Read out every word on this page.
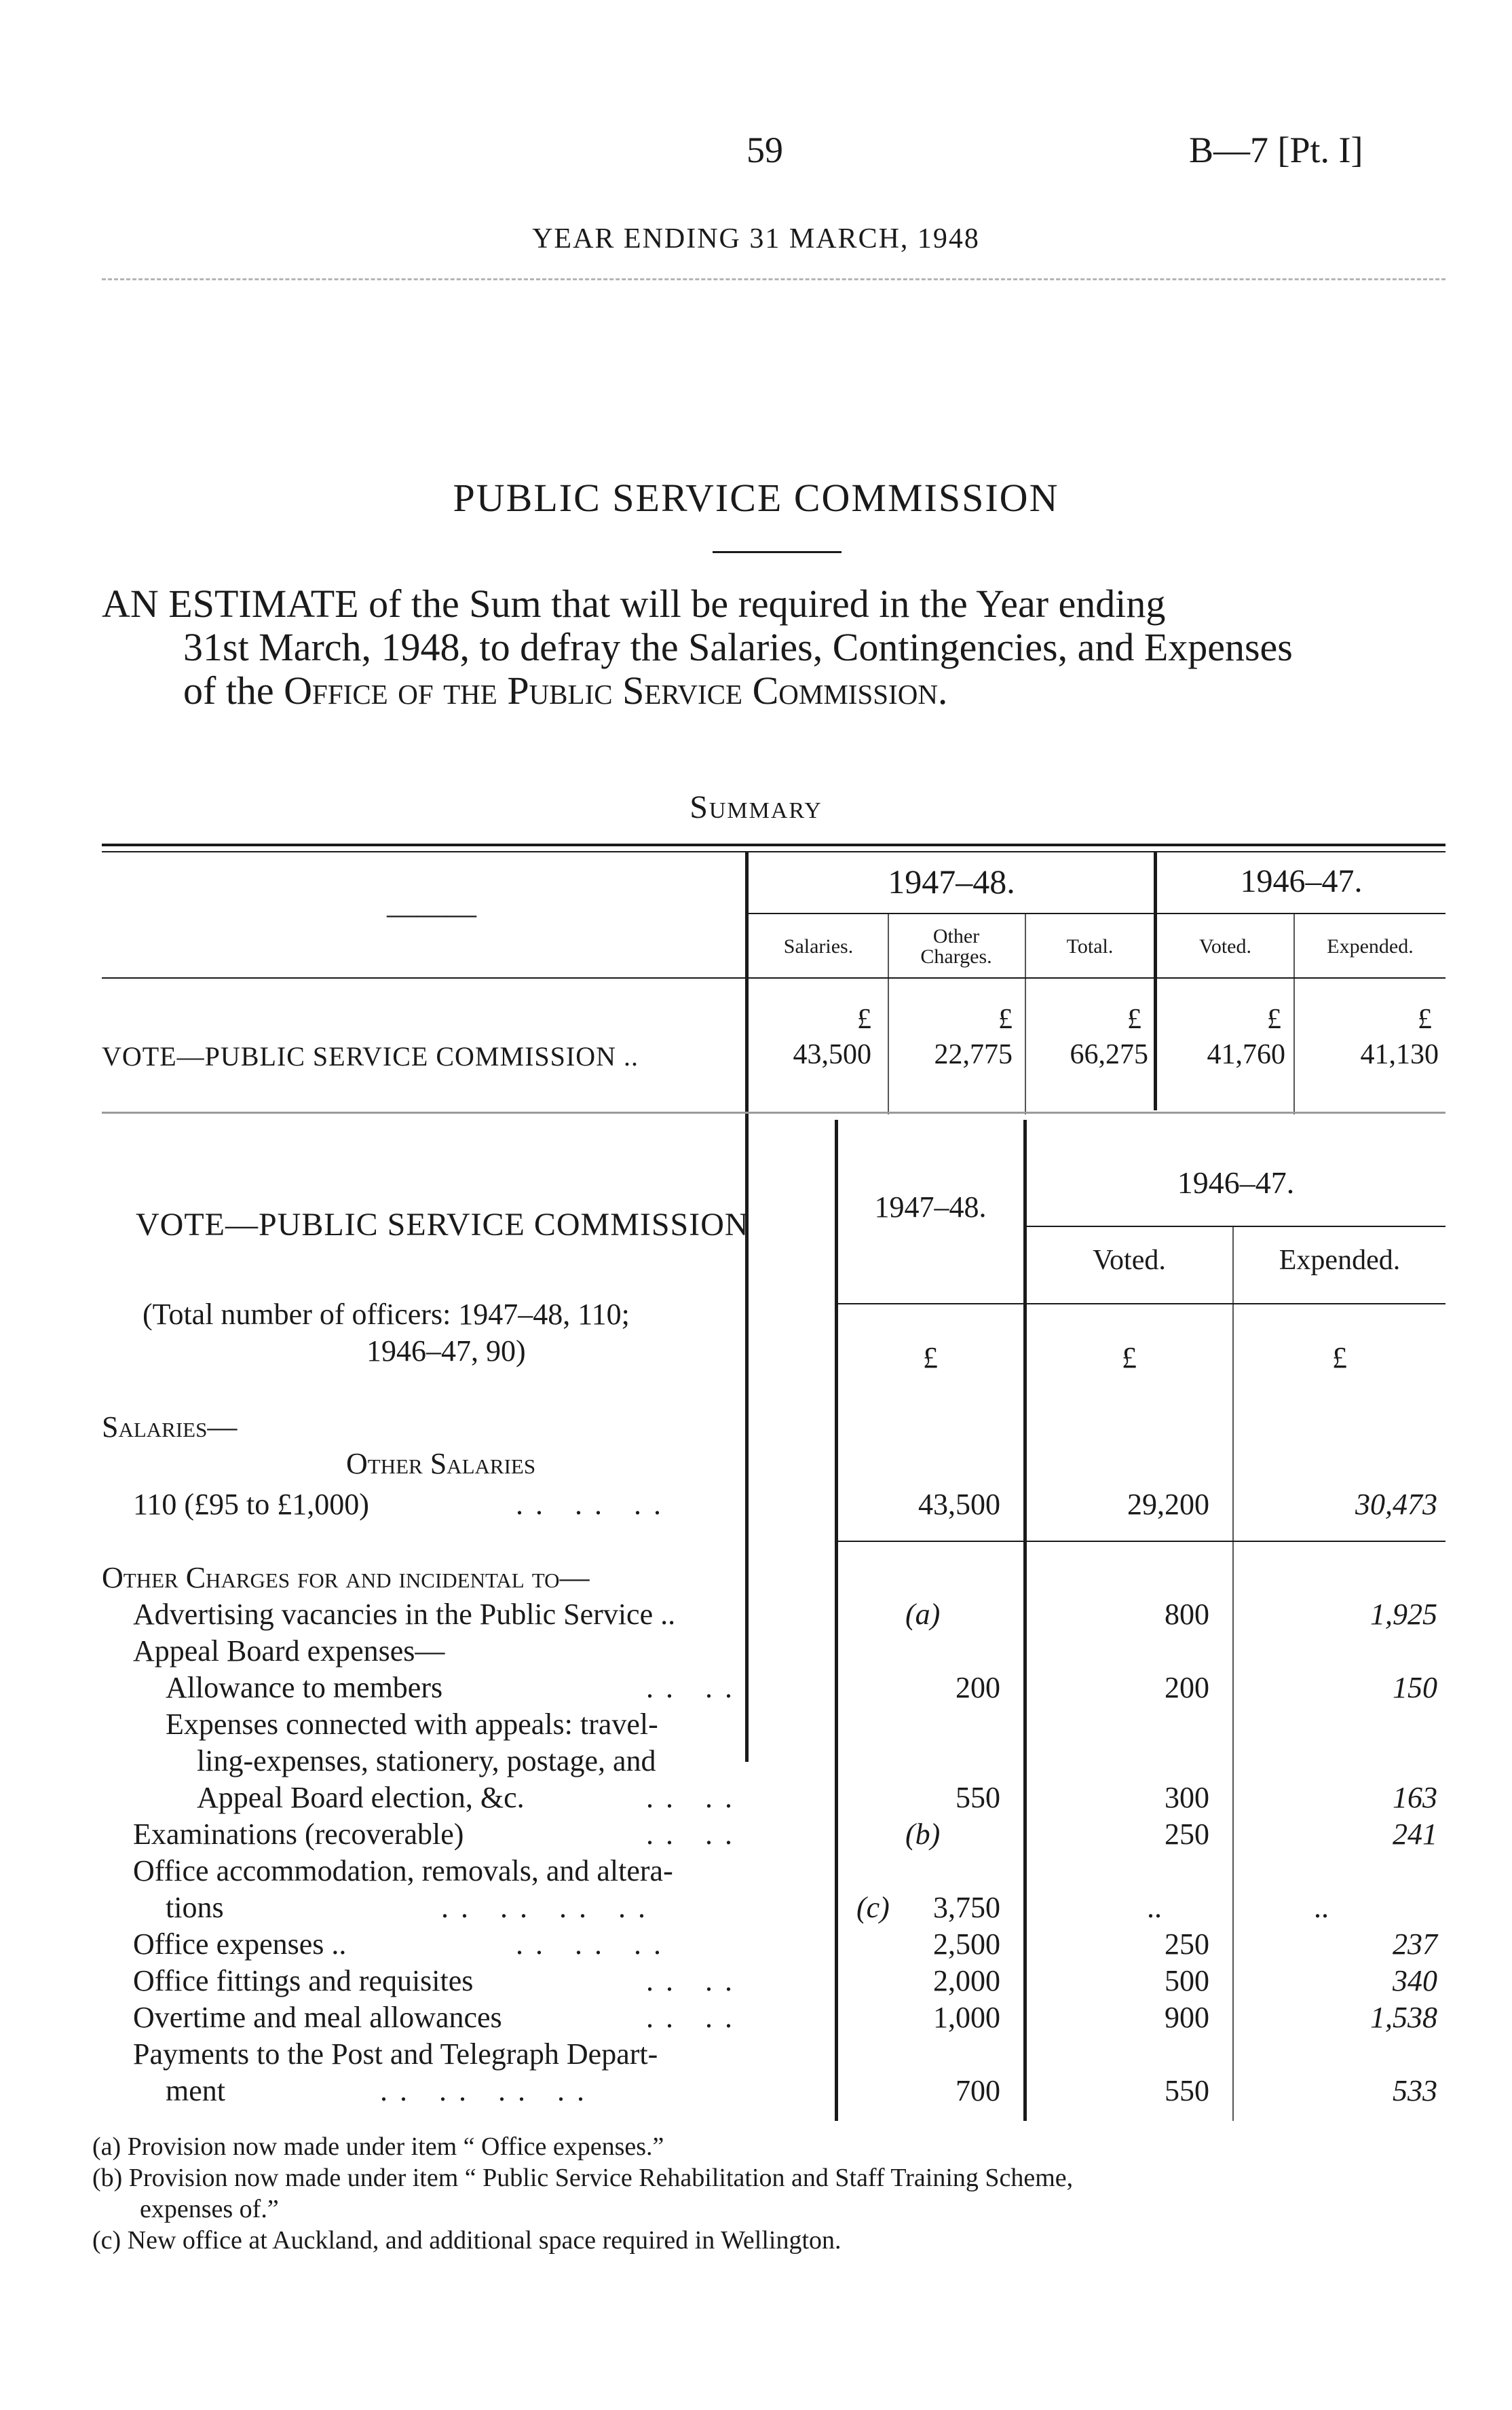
59	B—7 [Pt. I]
YEAR ENDING 31 MARCH, 1948
PUBLIC SERVICE COMMISSION

AN ESTIMATE of the Sum that will be required in the Year ending

31st March, 1948, to defray the Salaries, Contingencies, and Expenses

of the Office of the Public Service Commission.

Summary
———
1947–48.	1946–47.
Salaries.	Other Charges.	Total.	Voted.	Expended.
£	£	£	£	£
VOTE—PUBLIC SERVICE COMMISSION ..	43,500	22,775	66,275	41,760	41,130
VOTE—PUBLIC SERVICE COMMISSION	1947–48.
1946–47.
Voted.	Expended.
(Total number of officers: 1947–48, 110;
1946–47, 90)	£	£	£
Salaries—
Other Salaries
110 (£95 to £1,000)	.. .. ..	43,500	29,200	30,473
Other Charges for and incidental to—
Advertising vacancies in the Public Service ..	(a)	800	1,925
Appeal Board expenses—
Allowance to members	.. ..	200	200	150
Expenses connected with appeals: travel-
ling-expenses, stationery, postage, and
Appeal Board election, &c.	.. ..	550	300	163
Examinations (recoverable)	.. ..	(b)	250	241
Office accommodation, removals, and altera-
tions	.. .. .. ..	(c)	3,750	..	..
Office expenses ..	.. .. ..	2,500	250	237
Office fittings and requisites	.. ..	2,000	500	340
Overtime and meal allowances	.. ..	1,000	900	1,538
Payments to the Post and Telegraph Depart-
ment	.. .. .. ..	700	550	533
(a) Provision now made under item “ Office expenses.”
(b) Provision now made under item “ Public Service Rehabilitation and Staff Training Scheme,
expenses of.”
(c) New office at Auckland, and additional space required in Wellington.
